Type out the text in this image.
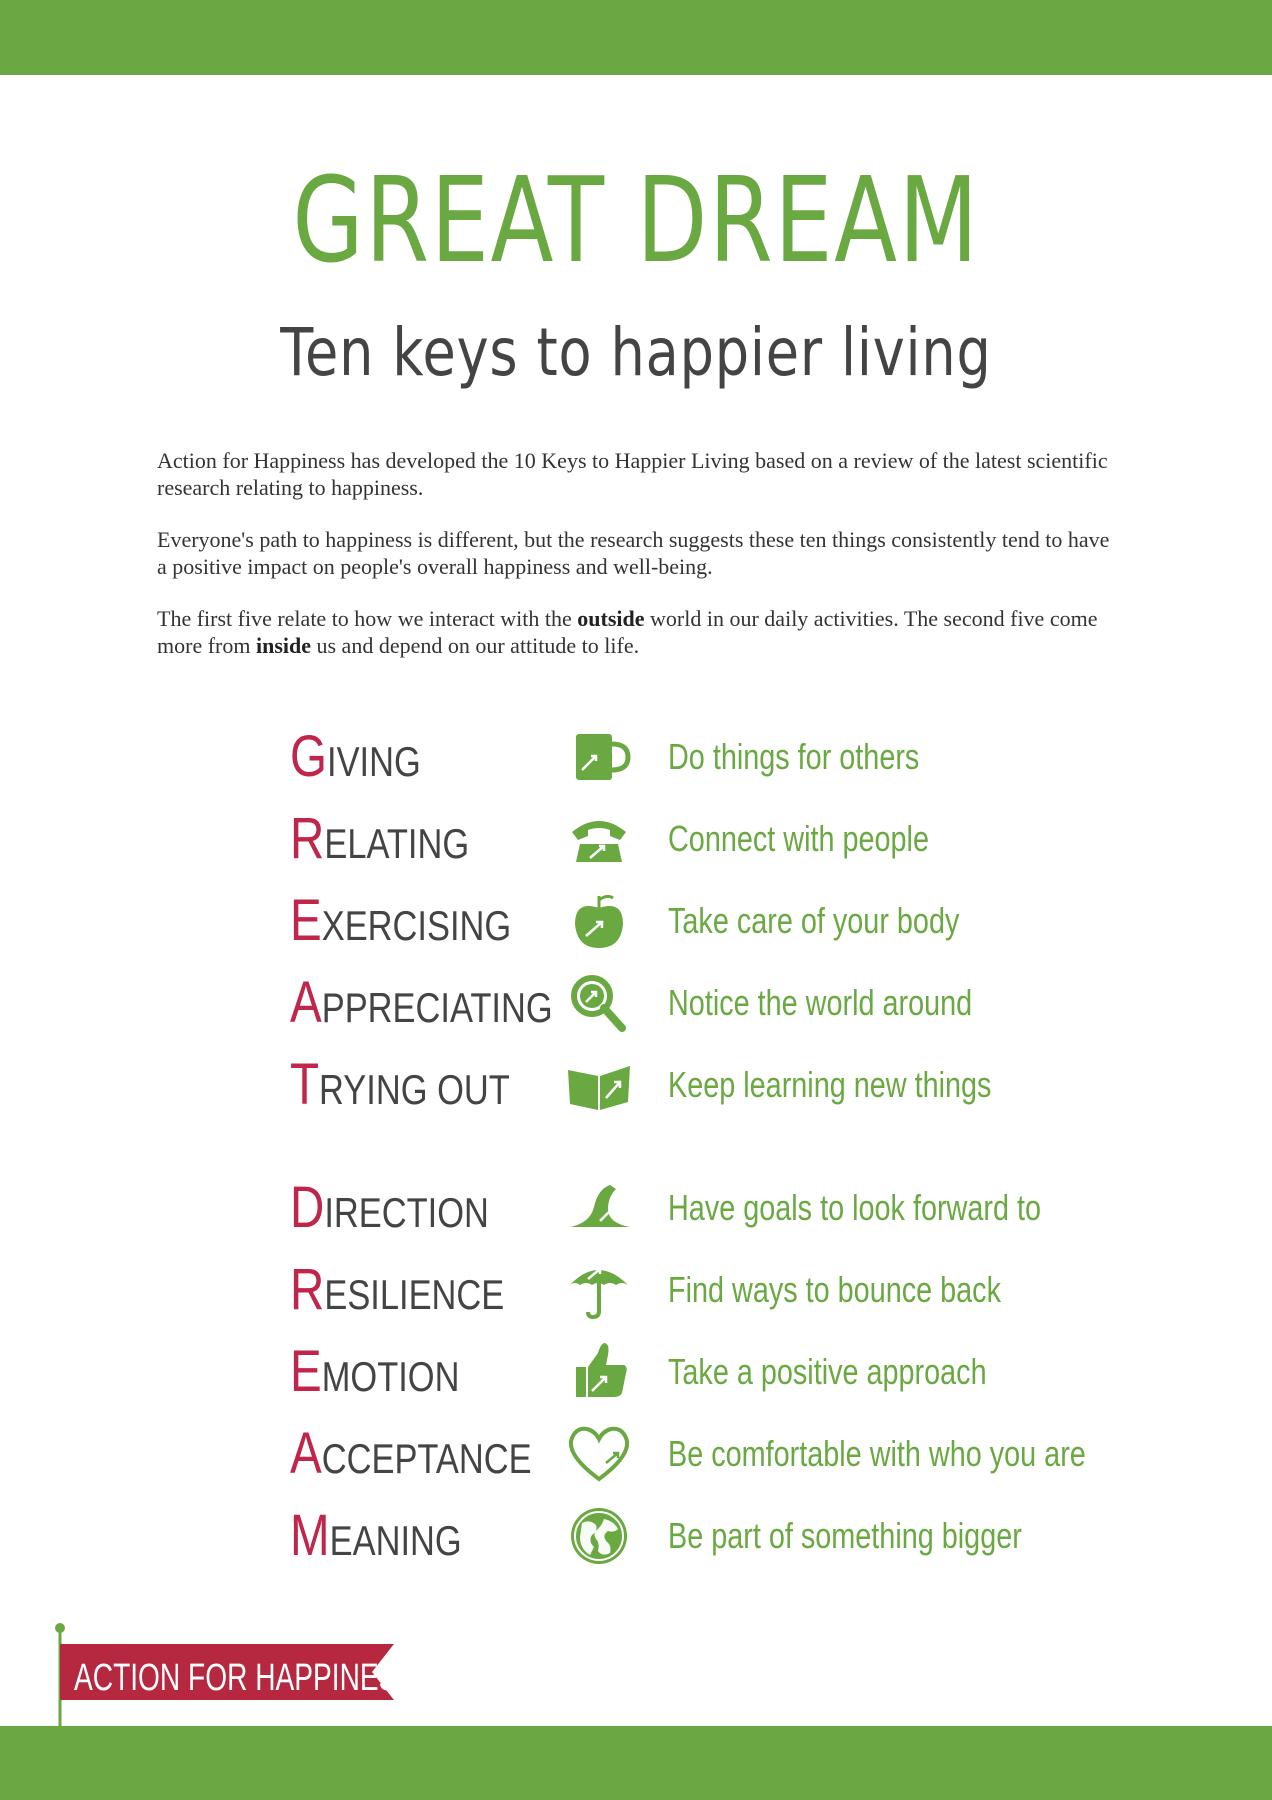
GREAT DREAM
Ten keys to happier living

Action for Happiness has developed the 10 Keys to Happier Living based on a review of the latest scientific research relating to happiness.

Everyone's path to happiness is different, but the research suggests these ten things consistently tend to have a positive impact on people's overall happiness and well-being.

The first five relate to how we interact with the outside world in our daily activities. The second five come more from inside us and depend on our attitude to life.

GIVING	Do things for others
RELATING	Connect with people
EXERCISING	Take care of your body
APPRECIATING	Notice the world around
TRYING OUT	Keep learning new things
DIRECTION	Have goals to look forward to
RESILIENCE	Find ways to bounce back
EMOTION	Take a positive approach
ACCEPTANCE	Be comfortable with who you are
MEANING	Be part of something bigger
ACTION FOR HAPPINESS
